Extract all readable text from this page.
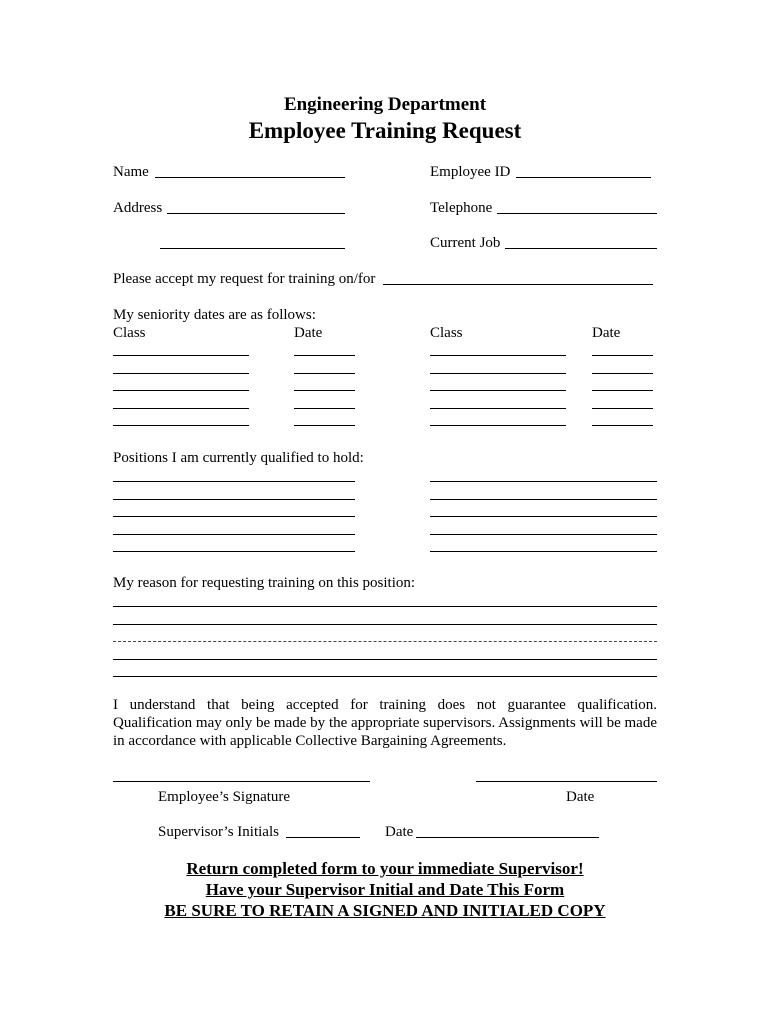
Engineering Department
Employee Training Request
Name	Employee ID
Address	Telephone
Current Job
Please accept my request for training on/for
My seniority dates are as follows:
Class	Date	Class	Date
Positions I am currently qualified to hold:
My reason for requesting training on this position:
I understand that being accepted for training does not guarantee qualification. Qualification may only be made by the appropriate supervisors. Assignments will be made in accordance with applicable Collective Bargaining Agreements.
Employee’s Signature	Date
Supervisor’s Initials	Date
Return completed form to your immediate Supervisor!
Have your Supervisor Initial and Date This Form
BE SURE TO RETAIN A SIGNED AND INITIALED COPY
